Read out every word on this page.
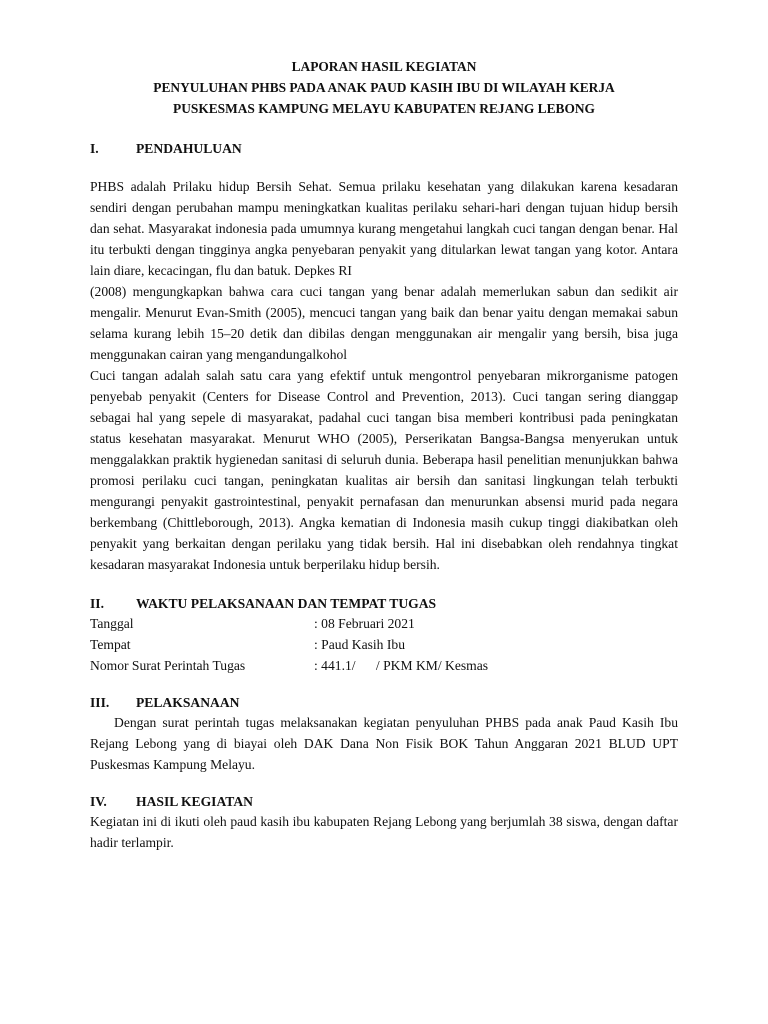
LAPORAN HASIL KEGIATAN

PENYULUHAN PHBS PADA ANAK PAUD KASIH IBU DI WILAYAH KERJA

PUSKESMAS KAMPUNG MELAYU KABUPATEN REJANG LEBONG

I.	PENDAHULUAN

PHBS adalah Prilaku hidup Bersih Sehat. Semua prilaku kesehatan yang dilakukan karena kesadaran sendiri dengan perubahan mampu meningkatkan kualitas perilaku sehari-hari dengan tujuan hidup bersih dan sehat. Masyarakat indonesia pada umumnya kurang mengetahui langkah cuci tangan dengan benar. Hal itu terbukti dengan tingginya angka penyebaran penyakit yang ditularkan lewat tangan yang kotor. Antara lain diare, kecacingan, flu dan batuk. Depkes RI

(2008) mengungkapkan bahwa cara cuci tangan yang benar adalah memerlukan sabun dan sedikit air mengalir. Menurut Evan-Smith (2005), mencuci tangan yang baik dan benar yaitu dengan memakai sabun selama kurang lebih 15–20 detik dan dibilas dengan menggunakan air mengalir yang bersih, bisa juga menggunakan cairan yang mengandungalkohol

Cuci tangan adalah salah satu cara yang efektif untuk mengontrol penyebaran mikrorganisme patogen penyebab penyakit (Centers for Disease Control and Prevention, 2013). Cuci tangan sering dianggap sebagai hal yang sepele di masyarakat, padahal cuci tangan bisa memberi kontribusi pada peningkatan status kesehatan masyarakat. Menurut WHO (2005), Perserikatan Bangsa-Bangsa menyerukan untuk menggalakkan praktik hygienedan sanitasi di seluruh dunia. Beberapa hasil penelitian menunjukkan bahwa promosi perilaku cuci tangan, peningkatan kualitas air bersih dan sanitasi lingkungan telah terbukti mengurangi penyakit gastrointestinal, penyakit pernafasan dan menurunkan absensi murid pada negara berkembang (Chittleborough, 2013). Angka kematian di Indonesia masih cukup tinggi diakibatkan oleh penyakit yang berkaitan dengan perilaku yang tidak bersih. Hal ini disebabkan oleh rendahnya tingkat kesadaran masyarakat Indonesia untuk berperilaku hidup bersih.

II.	WAKTU PELAKSANAAN DAN TEMPAT TUGAS
Tanggal	: 08 Februari 2021
Tempat	: Paud Kasih Ibu
Nomor Surat Perintah Tugas	: 441.1/      / PKM KM/ Kesmas
III.	PELAKSANAAN

Dengan surat perintah tugas melaksanakan kegiatan penyuluhan PHBS pada anak Paud Kasih Ibu Rejang Lebong yang di biayai oleh DAK Dana Non Fisik BOK Tahun Anggaran 2021 BLUD UPT Puskesmas Kampung Melayu.

IV.	HASIL KEGIATAN

Kegiatan ini di ikuti oleh paud kasih ibu kabupaten Rejang Lebong yang berjumlah 38 siswa, dengan daftar hadir terlampir.
